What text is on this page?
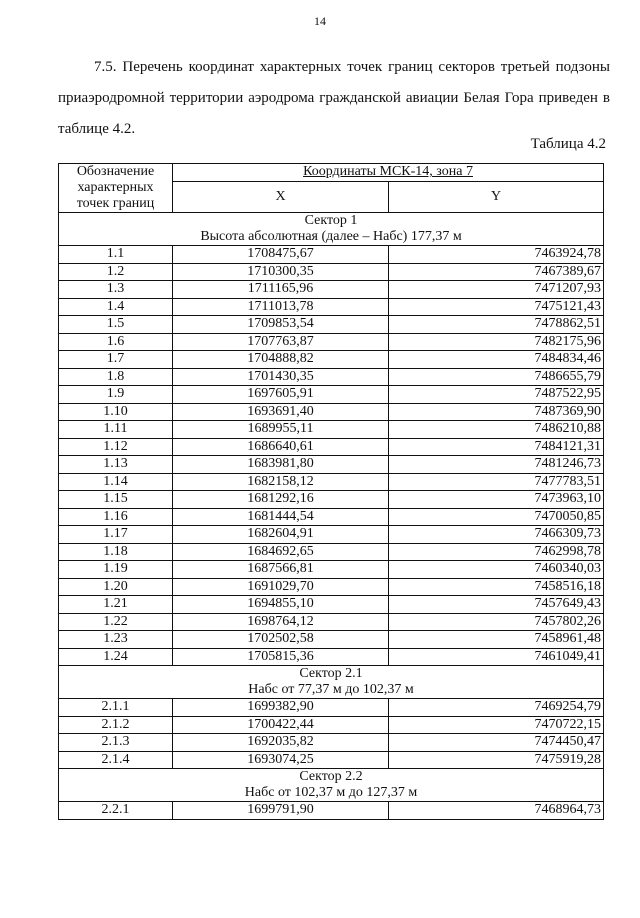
14

7.5. Перечень координат характерных точек границ секторов третьей подзоны приаэродромной территории аэродрома гражданской авиации Белая Гора приведен в таблице 4.2.

Таблица 4.2
Обозначение характерных точек границ	Координаты МСК-14, зона 7	
	X	Y

Сектор 1
Высота абсолютная (далее – Набс) 177,37 м		

1.1	1708475,67	7463924,78
1.2	1710300,35	7467389,67
1.3	1711165,96	7471207,93
1.4	1711013,78	7475121,43
1.5	1709853,54	7478862,51
1.6	1707763,87	7482175,96
1.7	1704888,82	7484834,46
1.8	1701430,35	7486655,79
1.9	1697605,91	7487522,95
1.10	1693691,40	7487369,90
1.11	1689955,11	7486210,88
1.12	1686640,61	7484121,31
1.13	1683981,80	7481246,73
1.14	1682158,12	7477783,51
1.15	1681292,16	7473963,10
1.16	1681444,54	7470050,85
1.17	1682604,91	7466309,73
1.18	1684692,65	7462998,78
1.19	1687566,81	7460340,03
1.20	1691029,70	7458516,18
1.21	1694855,10	7457649,43
1.22	1698764,12	7457802,26
1.23	1702502,58	7458961,48
1.24	1705815,36	7461049,41

Сектор 2.1
Набс от 77,37 м до 102,37 м		

2.1.1	1699382,90	7469254,79
2.1.2	1700422,44	7470722,15
2.1.3	1692035,82	7474450,47
2.1.4	1693074,25	7475919,28

Сектор 2.2
Набс от 102,37 м до 127,37 м		

2.2.1	1699791,90	7468964,73
